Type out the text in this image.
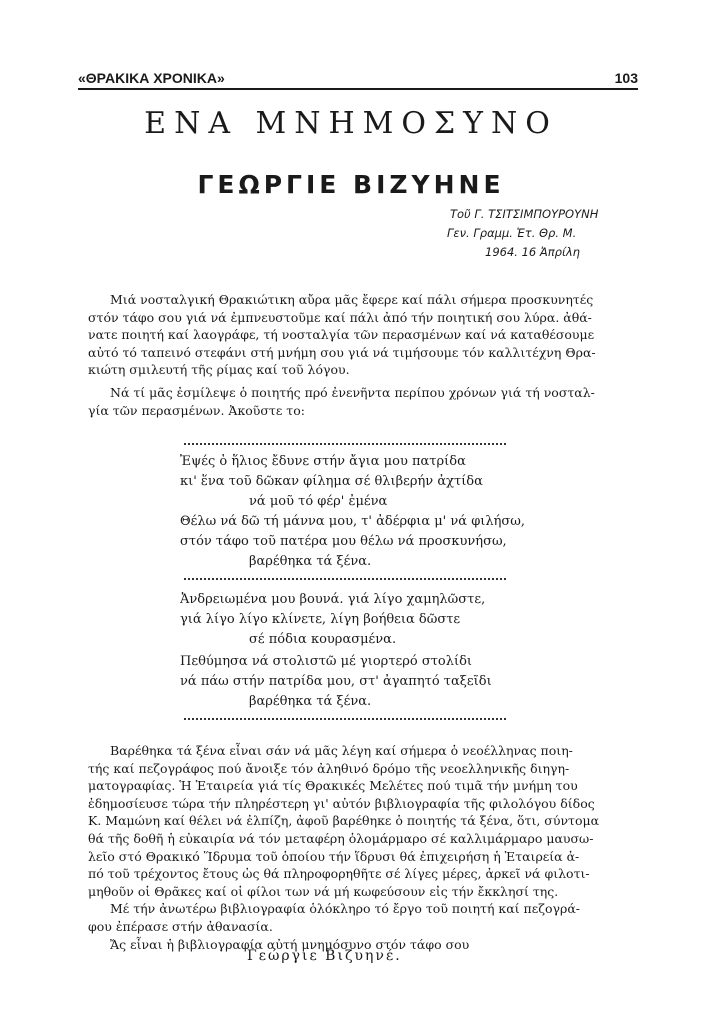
«ΘΡΑΚΙΚΑ ΧΡΟΝΙΚΑ»	103
ΕΝΑ ΜΝΗΜΟΣΥΝΟ
ΓΕΩΡΓΙΕ ΒΙΖΥΗΝΕ
Τοῦ Γ. ΤΣΙΤΣΙΜΠΟΥΡΟΥΝΗ
Γεν. Γραμμ. Ἑτ. Θρ. Μ.
1964. 16 Ἀπρίλη
Μιά νοσταλγική Θρακιώτικη αὔρα μᾶς ἔφερε καί πάλι σήμερα προσκυνητές
στόν τάφο σου γιά νά ἐμπνευστοῦμε καί πάλι ἀπό τήν ποιητική σου λύρα. ἀθά-
νατε ποιητή καί λαογράφε, τή νοσταλγία τῶν περασμένων καί νά καταθέσουμε
αὐτό τό ταπεινό στεφάνι στή μνήμη σου γιά νά τιμήσουμε τόν καλλιτέχνη Θρα-
κιώτη σμιλευτή τῆς ρίμας καί τοῦ λόγου.
Νά τί μᾶς ἐσμίλεψε ὁ ποιητής πρό ἐνενῆντα περίπου χρόνων γιά τή νοσταλ-
γία τῶν περασμένων. Ἀκοῦστε το:
Ἐψές ὁ ἥλιος ἔδυνε στήν ἄγια μου πατρίδα
κι' ἕνα τοῦ δῶκαν φίλημα σέ θλιβερήν ἀχτίδα
νά μοῦ τό φέρ' ἐμένα
Θέλω νά δῶ τή μάννα μου, τ' ἀδέρφια μ' νά φιλήσω,
στόν τάφο τοῦ πατέρα μου θέλω νά προσκυνήσω,
βαρέθηκα τά ξένα.
Ἀνδρειωμένα μου βουνά. γιά λίγο χαμηλῶστε,
γιά λίγο λίγο κλίνετε, λίγη βοήθεια δῶστε
σέ πόδια κουρασμένα.
Πεθύμησα νά στολιστῶ μέ γιορτερό στολίδι
νά πάω στήν πατρίδα μου, στ' ἀγαπητό ταξεῖδι
βαρέθηκα τά ξένα.
Βαρέθηκα τά ξένα εἶναι σάν νά μᾶς λέγη καί σήμερα ὁ νεοέλληνας ποιη-
τής καί πεζογράφος πού ἄνοιξε τόν ἀληθινό δρόμο τῆς νεοελληνικῆς διηγη-
ματογραφίας. Ἡ Ἑταιρεία γιά τίς Θρακικές Μελέτες πού τιμᾶ τήν μνήμη του
ἐδημοσίευσε τώρα τήν πληρέστερη γι' αὐτόν βιβλιογραφία τῆς φιλολόγου δίδος
Κ. Μαμώνη καί θέλει νά ἐλπίζη, ἀφοῦ βαρέθηκε ὁ ποιητής τά ξένα, ὅτι, σύντομα
θά τῆς δοθῆ ἡ εὐκαιρία νά τόν μεταφέρη ὁλομάρμαρο σέ καλλιμάρμαρο μαυσω-
λεῖο στό Θρακικό Ἵδρυμα τοῦ ὁποίου τήν ἵδρυσι θά ἐπιχειρήση ἡ Ἑταιρεία ἀ-
πό τοῦ τρέχοντος ἔτους ὡς θά πληροφορηθῆτε σέ λίγες μέρες, ἀρκεῖ νά φιλοτι-
μηθοῦν οἱ Θρᾶκες καί οἱ φίλοι των νά μή κωφεύσουν εἰς τήν ἔκκλησί της.
Μέ τήν ἀνωτέρω βιβλιογραφία ὁλόκληρο τό ἔργο τοῦ ποιητή καί πεζογρά-
φου ἐπέρασε στήν ἀθανασία.
Ἄς εἶναι ἡ βιβλιογραφία αὐτή μνημόσυνο στόν τάφο σου
Γεώργιε Βιζυηνέ.
